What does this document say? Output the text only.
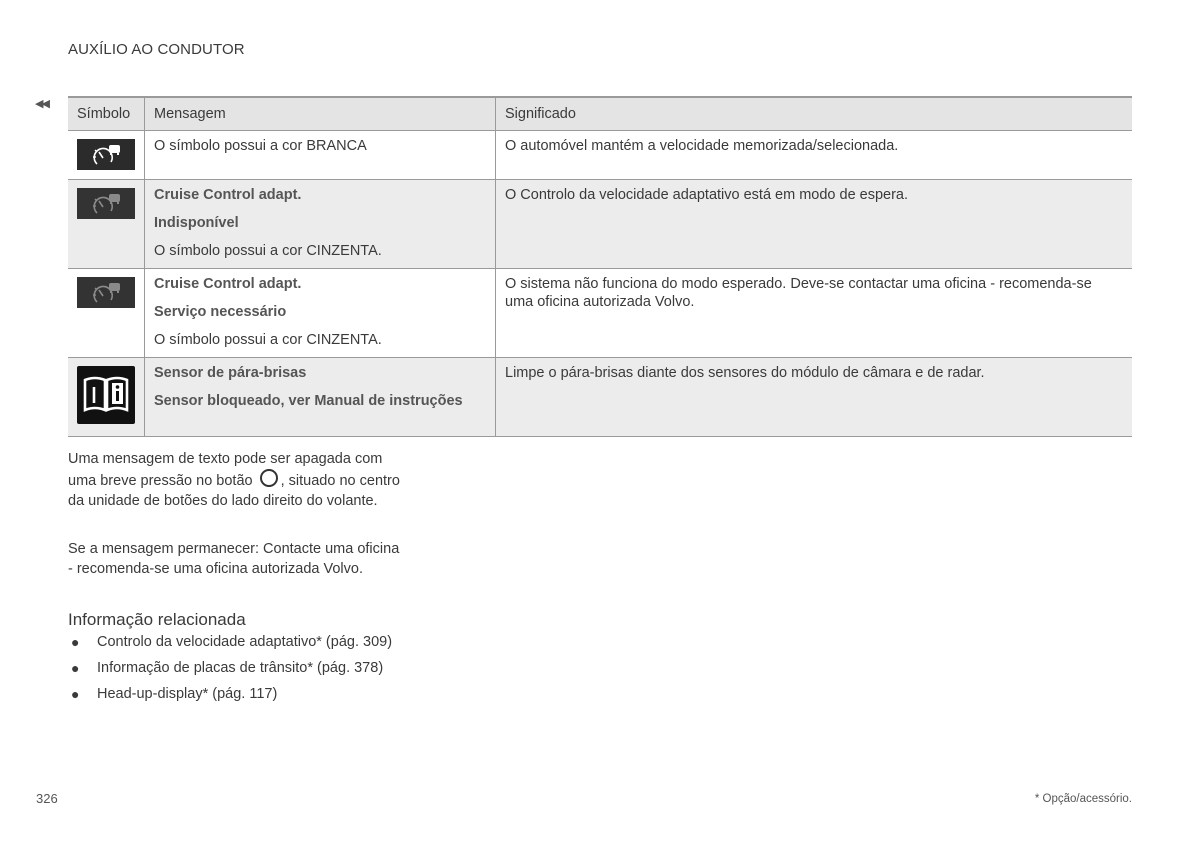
AUXÍLIO AO CONDUTOR
◀◀
Símbolo	Mensagem	Significado

O símbolo possui a cor BRANCA	O automóvel mantém a velocidade memorizada/selecionada.

Cruise Control adapt.
Indisponível
O símbolo possui a cor CINZENTA.	O Controlo da velocidade adaptativo está em modo de espera.

Cruise Control adapt.
Serviço necessário
O símbolo possui a cor CINZENTA.	O sistema não funciona do modo esperado. Deve-se contactar uma oficina - recomenda-se uma oficina autorizada Volvo.

Sensor de pára-brisas
Sensor bloqueado, ver Manual de instruções	Limpe o pára-brisas diante dos sensores do módulo de câmara e de radar.
Uma mensagem de texto pode ser apagada com uma breve pressão no botão , situado no centro da unidade de botões do lado direito do volante.
Se a mensagem permanecer: Contacte uma oficina - recomenda-se uma oficina autorizada Volvo.
Informação relacionada
● Controlo da velocidade adaptativo* (pág. 309)
● Informação de placas de trânsito* (pág. 378)
● Head-up-display* (pág. 117)
326	* Opção/acessório.
